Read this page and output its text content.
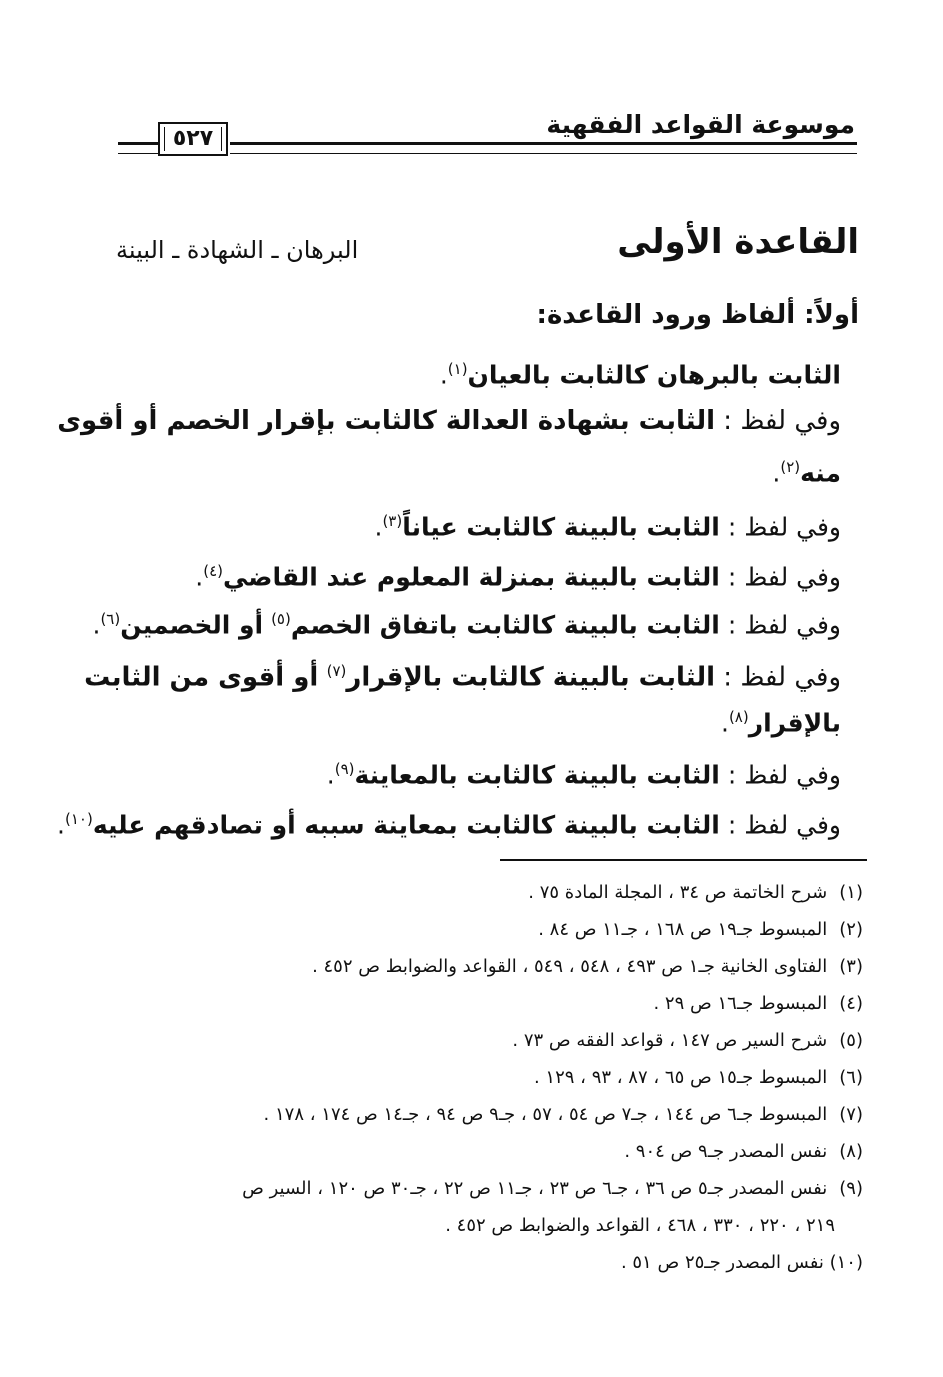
موسوعة القواعد الفقهية
٥٢٧
القاعدة الأولى
البرهان ـ الشهادة ـ البينة
أولاً: ألفاظ ورود القاعدة:
الثابت بالبرهان كالثابت بالعيان$^{(١)}$.
وفي لفظ : الثابت بشهادة العدالة كالثابت بإقرار الخصم أو أقوى
منه$^{(٢)}$.
وفي لفظ : الثابت بالبينة كالثابت عياناً$^{(٣)}$.
وفي لفظ : الثابت بالبينة بمنزلة المعلوم عند القاضي$^{(٤)}$.
وفي لفظ : الثابت بالبينة كالثابت باتفاق الخصم$^{(٥)}$ أو الخصمين$^{(٦)}$.
وفي لفظ : الثابت بالبينة كالثابت بالإقرار$^{(٧)}$ أو أقوى من الثابت
بالإقرار$^{(٨)}$.
وفي لفظ : الثابت بالبينة كالثابت بالمعاينة$^{(٩)}$.
وفي لفظ : الثابت بالبينة كالثابت بمعاينة سببه أو تصادقهم عليه$^{(١٠)}$.
(١) شرح الخاتمة ص ٣٤ ، المجلة المادة ٧٥ .
(٢) المبسوط جـ١٩ ص ١٦٨ ، جـ١١ ص ٨٤ .
(٣) الفتاوى الخانية جـ١ ص ٤٩٣ ، ٥٤٨ ، ٥٤٩ ، القواعد والضوابط ص ٤٥٢ .
(٤) المبسوط جـ١٦ ص ٢٩ .
(٥) شرح السير ص ١٤٧ ، قواعد الفقه ص ٧٣ .
(٦) المبسوط جـ١٥ ص ٦٥ ، ٨٧ ، ٩٣ ، ١٢٩ .
(٧) المبسوط جـ٦ ص ١٤٤ ، جـ٧ ص ٥٤ ، ٥٧ ، جـ٩ ص ٩٤ ، جـ١٤ ص ١٧٤ ، ١٧٨ .
(٨) نفس المصدر جـ٩ ص ٩٠٤ .
(٩) نفس المصدر جـ٥ ص ٣٦ ، جـ٦ ص ٢٣ ، جـ١١ ص ٢٢ ، جـ٣٠ ص ١٢٠ ، السير ص
٢١٩ ، ٢٢٠ ، ٣٣٠ ، ٤٦٨ ، القواعد والضوابط ص ٤٥٢ .
(١٠) نفس المصدر جـ٢٥ ص ٥١ .
